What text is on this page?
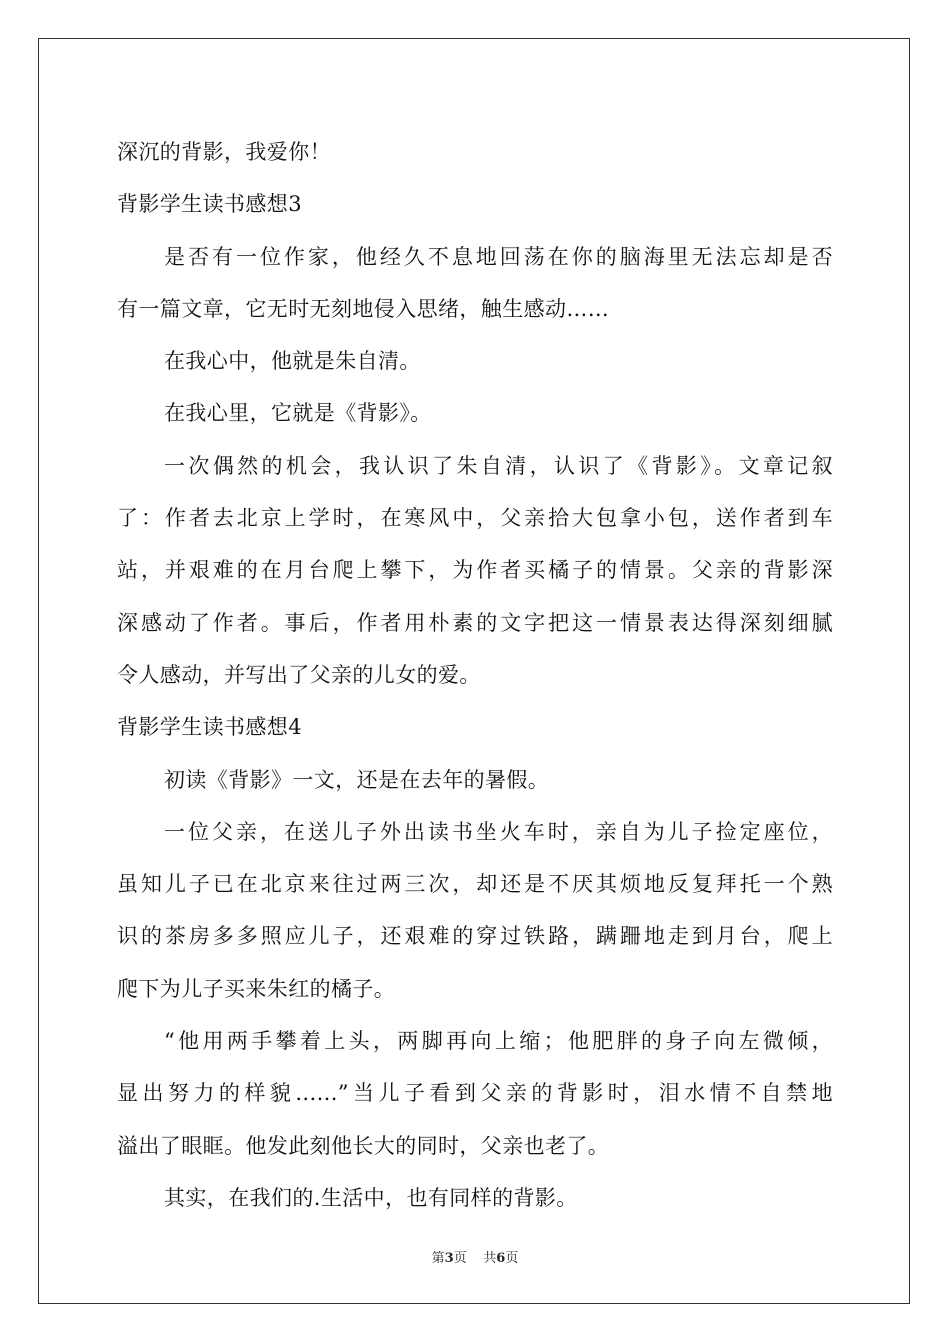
深沉的背影，我爱你！
背影学生读书感想3
是否有一位作家，他经久不息地回荡在你的脑海里无法忘却是否
有一篇文章，它无时无刻地侵入思绪，触生感动……
在我心中，他就是朱自清。
在我心里，它就是《背影》。
一次偶然的机会，我认识了朱自清，认识了《背影》。文章记叙
了：作者去北京上学时，在寒风中，父亲拾大包拿小包，送作者到车
站，并艰难的在月台爬上攀下，为作者买橘子的情景。父亲的背影深
深感动了作者。事后，作者用朴素的文字把这一情景表达得深刻细腻
令人感动，并写出了父亲的儿女的爱。
背影学生读书感想4
初读《背影》一文，还是在去年的暑假。
一位父亲，在送儿子外出读书坐火车时，亲自为儿子捡定座位，
虽知儿子已在北京来往过两三次，却还是不厌其烦地反复拜托一个熟
识的茶房多多照应儿子，还艰难的穿过铁路，蹒跚地走到月台，爬上
爬下为儿子买来朱红的橘子。
“他用两手攀着上头，两脚再向上缩；他肥胖的身子向左微倾，
显出努力的样貌......”当儿子看到父亲的背影时，泪水情不自禁地
溢出了眼眶。他发此刻他长大的同时，父亲也老了。
其实，在我们的.生活中，也有同样的背影。
第3页 共6页
